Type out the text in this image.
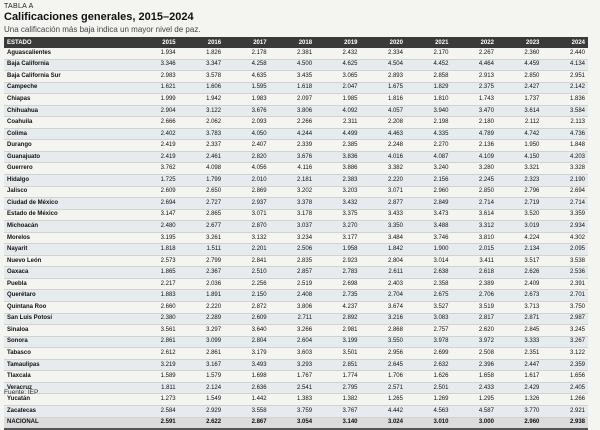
TABLA A
Calificaciones generales, 2015–2024
Una calificación más baja indica un mayor nivel de paz.
ESTADO	2015	2016	2017	2018	2019	2020	2021	2022	2023	2024
Aguascalientes	1.934	1.826	2.178	2.381	2.432	2.334	2.170	2.267	2.360	2.440
Baja California	3.346	3.347	4.258	4.500	4.625	4.504	4.452	4.464	4.459	4.134
Baja California Sur	2.983	3.578	4.635	3.435	3.065	2.893	2.858	2.913	2.850	2.951
Campeche	1.621	1.606	1.595	1.618	2.047	1.675	1.829	2.375	2.427	2.142
Chiapas	1.999	1.942	1.983	2.097	1.985	1.816	1.810	1.743	1.737	1.836
Chihuahua	2.904	3.122	3.676	3.806	4.092	4.057	3.940	3.470	3.614	3.584
Coahuila	2.666	2.062	2.093	2.266	2.311	2.208	2.198	2.180	2.112	2.113
Colima	2.402	3.783	4.050	4.244	4.499	4.463	4.335	4.789	4.742	4.736
Durango	2.419	2.337	2.407	2.339	2.385	2.248	2.270	2.136	1.950	1.848
Guanajuato	2.419	2.461	2.820	3.676	3.836	4.016	4.087	4.109	4.150	4.203
Guerrero	3.762	4.098	4.056	4.116	3.886	3.382	3.240	3.280	3.321	3.328
Hidalgo	1.725	1.799	2.010	2.181	2.383	2.220	2.156	2.245	2.323	2.190
Jalisco	2.609	2.650	2.869	3.202	3.203	3.071	2.960	2.850	2.796	2.694
Ciudad de México	2.694	2.727	2.937	3.378	3.432	2.877	2.849	2.714	2.719	2.714
Estado de México	3.147	2.865	3.071	3.178	3.375	3.433	3.473	3.614	3.520	3.359
Michoacán	2.480	2.677	2.870	3.037	3.270	3.350	3.488	3.312	3.019	2.934
Morelos	3.195	3.261	3.132	3.234	3.177	3.484	3.746	3.810	4.224	4.302
Nayarit	1.818	1.511	2.201	2.506	1.958	1.842	1.900	2.015	2.134	2.095
Nuevo León	2.573	2.799	2.841	2.835	2.923	2.804	3.014	3.411	3.517	3.538
Oaxaca	1.865	2.367	2.510	2.857	2.783	2.611	2.638	2.618	2.626	2.536
Puebla	2.217	2.036	2.256	2.519	2.698	2.403	2.358	2.389	2.409	2.391
Querétaro	1.883	1.891	2.150	2.408	2.735	2.704	2.675	2.706	2.673	2.701
Quintana Roo	2.660	2.220	2.872	3.806	4.237	3.674	3.527	3.519	3.713	3.750
San Luis Potosí	2.380	2.289	2.609	2.711	2.892	3.216	3.083	2.817	2.871	2.987
Sinaloa	3.561	3.297	3.640	3.266	2.981	2.868	2.757	2.620	2.845	3.245
Sonora	2.861	3.099	2.804	2.604	3.199	3.550	3.978	3.972	3.333	3.267
Tabasco	2.612	2.861	3.179	3.603	3.501	2.956	2.699	2.508	2.351	3.122
Tamaulipas	3.219	3.167	3.493	3.293	2.851	2.645	2.632	2.396	2.447	2.359
Tlaxcala	1.589	1.579	1.698	1.767	1.774	1.706	1.626	1.658	1.617	1.656
Veracruz	1.811	2.124	2.636	2.541	2.795	2.571	2.501	2.433	2.429	2.405
Yucatán	1.273	1.549	1.442	1.383	1.382	1.265	1.269	1.295	1.326	1.266
Zacatecas	2.584	2.929	3.558	3.759	3.767	4.442	4.563	4.587	3.770	2.921
NACIONAL	2.591	2.622	2.867	3.054	3.140	3.024	3.010	3.000	2.960	2.938
Fuente: IEP
